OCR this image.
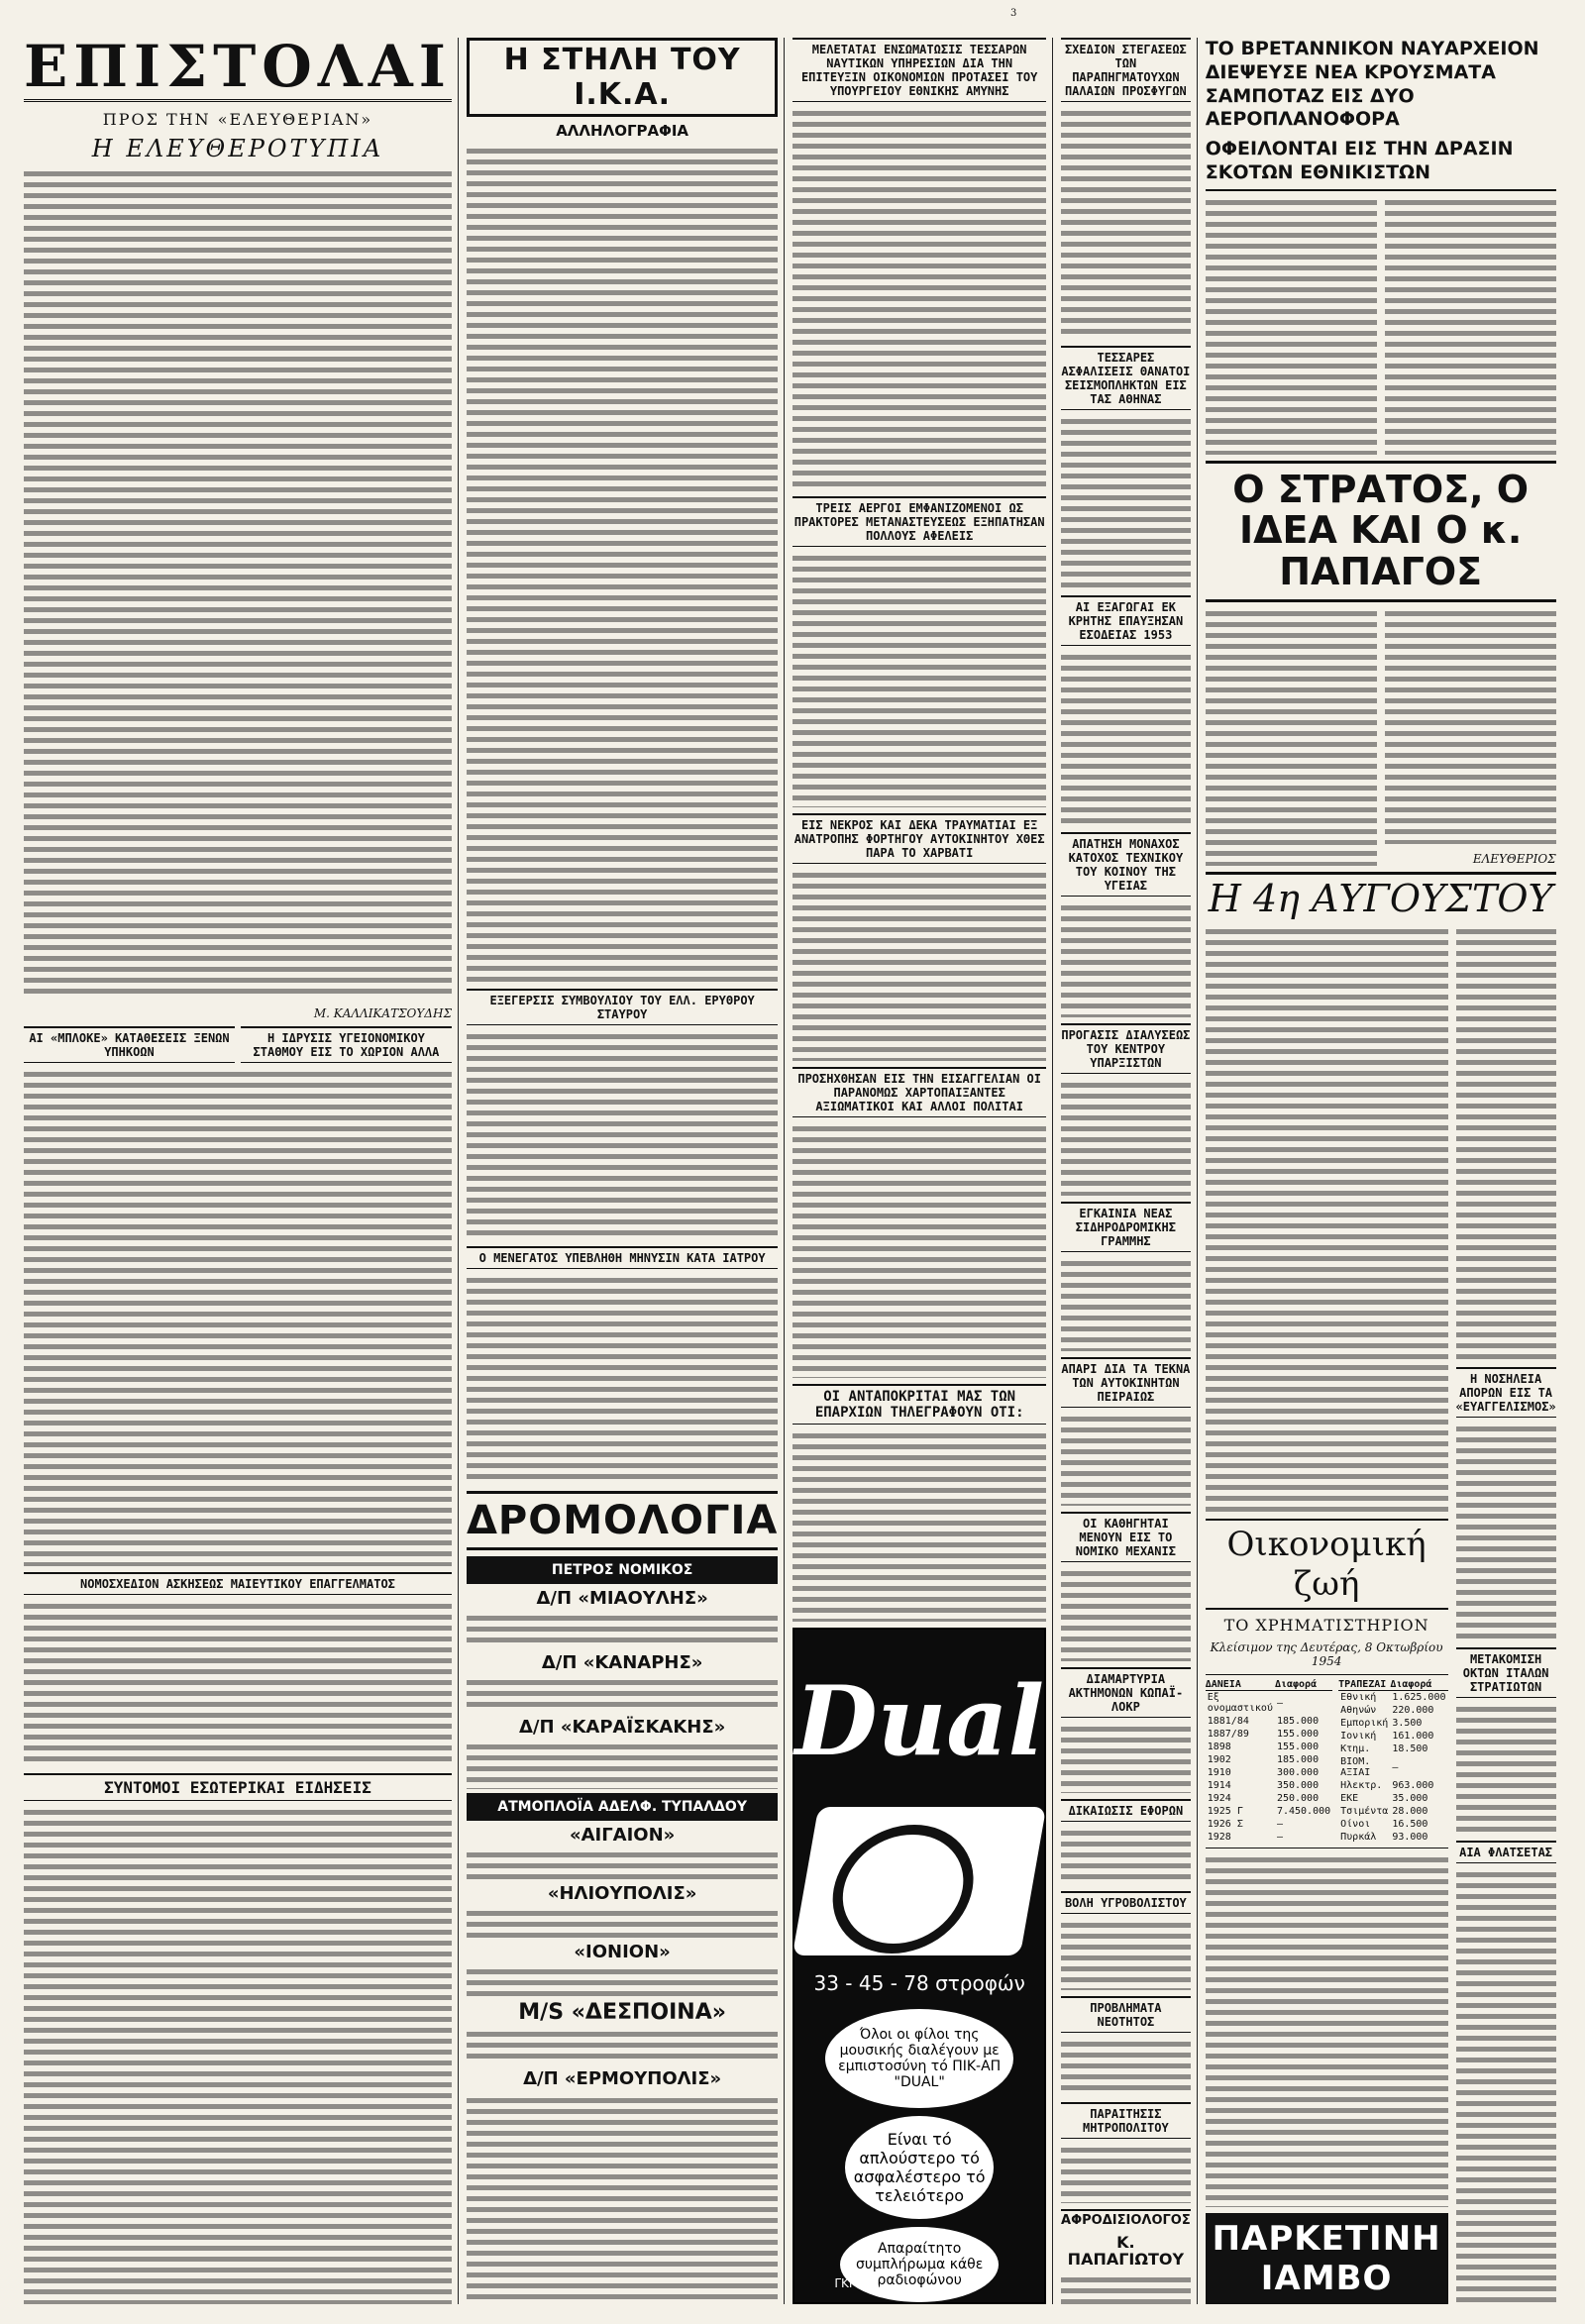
3
ΕΠΙΣΤΟΛΑΙ
ΠΡΟΣ ΤΗΝ «ΕΛΕΥΘΕΡΙΑΝ»
Η ΕΛΕΥΘΕΡΟΤΥΠΙΑ
Μ. ΚΑΛΛΙΚΑΤΣΟΥΔΗΣ
ΑΙ «ΜΠΛΟΚΕ» ΚΑΤΑΘΕΣΕΙΣ ΞΕΝΩΝ ΥΠΗΚΟΩΝ
Η ΙΔΡΥΣΙΣ ΥΓΕΙΟΝΟΜΙΚΟΥ ΣΤΑΘΜΟΥ ΕΙΣ ΤΟ ΧΩΡΙΟΝ ΑΛΛΑ
ΝΟΜΟΣΧΕΔΙΟΝ ΑΣΚΗΣΕΩΣ ΜΑΙΕΥΤΙΚΟΥ ΕΠΑΓΓΕΛΜΑΤΟΣ
ΣΥΝΤΟΜΟΙ ΕΣΩΤΕΡΙΚΑΙ ΕΙΔΗΣΕΙΣ
Η ΣΤΗΛΗ ΤΟΥ Ι.Κ.Α.
ΑΛΛΗΛΟΓΡΑΦΙΑ
ΕΞΕΓΕΡΣΙΣ ΣΥΜΒΟΥΛΙΟΥ ΤΟΥ ΕΛΛ. ΕΡΥΘΡΟΥ ΣΤΑΥΡΟΥ
Ο ΜΕΝΕΓΑΤΟΣ ΥΠΕΒΛΗΘΗ ΜΗΝΥΣΙΝ ΚΑΤΑ ΙΑΤΡΟΥ
ΔΡΟΜΟΛΟΓΙΑ
ΠΕΤΡΟΣ ΝΟΜΙΚΟΣ
Δ/Π «ΜΙΑΟΥΛΗΣ»
Δ/Π «ΚΑΝΑΡΗΣ»
Δ/Π «ΚΑΡΑΪΣΚΑΚΗΣ»
ΑΤΜΟΠΛΟΪΑ ΑΔΕΛΦ. ΤΥΠΑΛΔΟΥ
«ΑΙΓΑΙΟΝ»
«ΗΛΙΟΥΠΟΛΙΣ»
«ΙΟΝΙΟΝ»
M/S «ΔΕΣΠΟΙΝΑ»
Δ/Π «ΕΡΜΟΥΠΟΛΙΣ»
ΜΕΛΕΤΑΤΑΙ ΕΝΣΩΜΑΤΩΣΙΣ ΤΕΣΣΑΡΩΝ ΝΑΥΤΙΚΩΝ ΥΠΗΡΕΣΙΩΝ ΔΙΑ ΤΗΝ ΕΠΙΤΕΥΞΙΝ ΟΙΚΟΝΟΜΙΩΝ ΠΡΟΤΑΣΕΙ ΤΟΥ ΥΠΟΥΡΓΕΙΟΥ ΕΘΝΙΚΗΣ ΑΜΥΝΗΣ
ΤΡΕΙΣ ΑΕΡΓΟΙ ΕΜΦΑΝΙΖΟΜΕΝΟΙ ΩΣ ΠΡΑΚΤΟΡΕΣ ΜΕΤΑΝΑΣΤΕΥΣΕΩΣ ΕΞΗΠΑΤΗΣΑΝ ΠΟΛΛΟΥΣ ΑΦΕΛΕΙΣ
ΕΙΣ ΝΕΚΡΟΣ ΚΑΙ ΔΕΚΑ ΤΡΑΥΜΑΤΙΑΙ ΕΞ ΑΝΑΤΡΟΠΗΣ ΦΟΡΤΗΓΟΥ ΑΥΤΟΚΙΝΗΤΟΥ ΧΘΕΣ ΠΑΡΑ ΤΟ ΧΑΡΒΑΤΙ
ΠΡΟΣΗΧΘΗΣΑΝ ΕΙΣ ΤΗΝ ΕΙΣΑΓΓΕΛΙΑΝ ΟΙ ΠΑΡΑΝΟΜΩΣ ΧΑΡΤΟΠΑΙΞΑΝΤΕΣ ΑΞΙΩΜΑΤΙΚΟΙ ΚΑΙ ΑΛΛΟΙ ΠΟΛΙΤΑΙ
ΟΙ ΑΝΤΑΠΟΚΡΙΤΑΙ ΜΑΣ ΤΩΝ ΕΠΑΡΧΙΩΝ ΤΗΛΕΓΡΑΦΟΥΝ ΟΤΙ:
Dual
33 - 45 - 78 στροφών
Όλοι οι φίλοι της μουσικής διαλέγουν με εμπιστοσύνη τό ΠΙΚ-ΑΠ "DUAL"
Είναι τό απλούστερο τό ασφαλέστερο τό τελειότερο
Απαραίτητο συμπλήρωμα κάθε ραδιοφώνου
ΓΚΡΕΚΑ
ΣΧΕΔΙΟΝ ΣΤΕΓΑΣΕΩΣ ΤΩΝ ΠΑΡΑΠΗΓΜΑΤΟΥΧΩΝ ΠΑΛΑΙΩΝ ΠΡΟΣΦΥΓΩΝ
ΤΕΣΣΑΡΕΣ ΑΣΦΑΛΙΣΕΙΣ ΘΑΝΑΤΟΙ ΣΕΙΣΜΟΠΛΗΚΤΩΝ ΕΙΣ ΤΑΣ ΑΘΗΝΑΣ
ΑΙ ΕΞΑΓΩΓΑΙ ΕΚ ΚΡΗΤΗΣ ΕΠΑΥΞΗΣΑΝ ΕΣΟΔΕΙΑΣ 1953
ΑΠΑΤΗΣΗ ΜΟΝΑΧΟΣ ΚΑΤΟΧΟΣ ΤΕΧΝΙΚΟΥ ΤΟΥ ΚΟΙΝΟΥ ΤΗΣ ΥΓΕΙΑΣ
ΠΡΟΓΑΣΙΣ ΔΙΑΛΥΣΕΩΣ ΤΟΥ ΚΕΝΤΡΟΥ ΥΠΑΡΞΙΣΤΩΝ
ΕΓΚΑΙΝΙΑ ΝΕΑΣ ΣΙΔΗΡΟΔΡΟΜΙΚΗΣ ΓΡΑΜΜΗΣ
ΑΠΑΡΙ ΔΙΑ ΤΑ ΤΕΚΝΑ ΤΩΝ ΑΥΤΟΚΙΝΗΤΩΝ ΠΕΙΡΑΙΩΣ
ΟΙ ΚΑΘΗΓΗΤΑΙ ΜΕΝΟΥΝ ΕΙΣ ΤΟ ΝΟΜΙΚΟ ΜΕΧΑΝΙΣ
ΔΙΑΜΑΡΤΥΡΙΑ ΑΚΤΗΜΟΝΩΝ ΚΩΠΑΪ-ΛΟΚΡ
ΔΙΚΑΙΩΣΙΣ ΕΦΟΡΩΝ
ΒΟΛΗ ΥΓΡΟΒΟΛΙΣΤΟΥ
ΠΡΟΒΛΗΜΑΤΑ ΝΕΟΤΗΤΟΣ
ΠΑΡΑΙΤΗΣΙΣ ΜΗΤΡΟΠΟΛΙΤΟΥ
ΑΦΡΟΔΙΣΙΟΛΟΓΟΣ
Κ. ΠΑΠΑΓΙΩΤΟΥ
ΤΟ ΒΡΕΤΑΝΝΙΚΟΝ ΝΑΥΑΡΧΕΙΟΝ ΔΙΕΨΕΥΣΕ ΝΕΑ ΚΡΟΥΣΜΑΤΑ ΣΑΜΠΟΤΑΖ ΕΙΣ ΔΥΟ ΑΕΡΟΠΛΑΝΟΦΟΡΑ
ΟΦΕΙΛΟΝΤΑΙ ΕΙΣ ΤΗΝ ΔΡΑΣΙΝ ΣΚΟΤΩΝ ΕΘΝΙΚΙΣΤΩΝ
Ο ΣΤΡΑΤΟΣ, Ο ΙΔΕΑ ΚΑΙ Ο κ. ΠΑΠΑΓΟΣ
ΕΛΕΥΘΕΡΙΟΣ
Η 4η ΑΥΓΟΥΣΤΟΥ
Οικονομική ζωή
ΤΟ ΧΡΗΜΑΤΙΣΤΗΡΙΟΝ
Κλείσιμον της Δευτέρας, 8 Οκτωβρίου 1954
ΔΑΝΕΙΑ	Διαφορά
Εξ ονομαστικού	—
1881/84	185.000
1887/89	155.000
1898	155.000
1902	185.000
1910	300.000
1914	350.000
1924	250.000
1925 Γ	7.450.000
1926 Σ	—
1928	—
ΤΡΑΠΕΖΑΙ	Διαφορά
Εθνική	1.625.000
Αθηνών	220.000
Εμπορική	3.500
Ιονική	161.000
Κτημ.	18.500
ΒΙΟΜ. ΑΞΙΑΙ	—
Ηλεκτρ.	963.000
ΕΚΕ	35.000
Τσιμέντα	28.000
Οίνοι	16.500
Πυρκάλ	93.000
ΠΑΡΚΕΤΙΝΗ ΙΑΜΒΟ
Η ΝΟΣΗΛΕΙΑ ΑΠΟΡΩΝ ΕΙΣ ΤΑ «ΕΥΑΓΓΕΛΙΣΜΟΣ»
ΜΕΤΑΚΟΜΙΣΗ ΟΚΤΩΝ ΙΤΑΛΩΝ ΣΤΡΑΤΙΩΤΩΝ
ΑΙΑ ΦΛΑΤΣΕΤΑΣ
